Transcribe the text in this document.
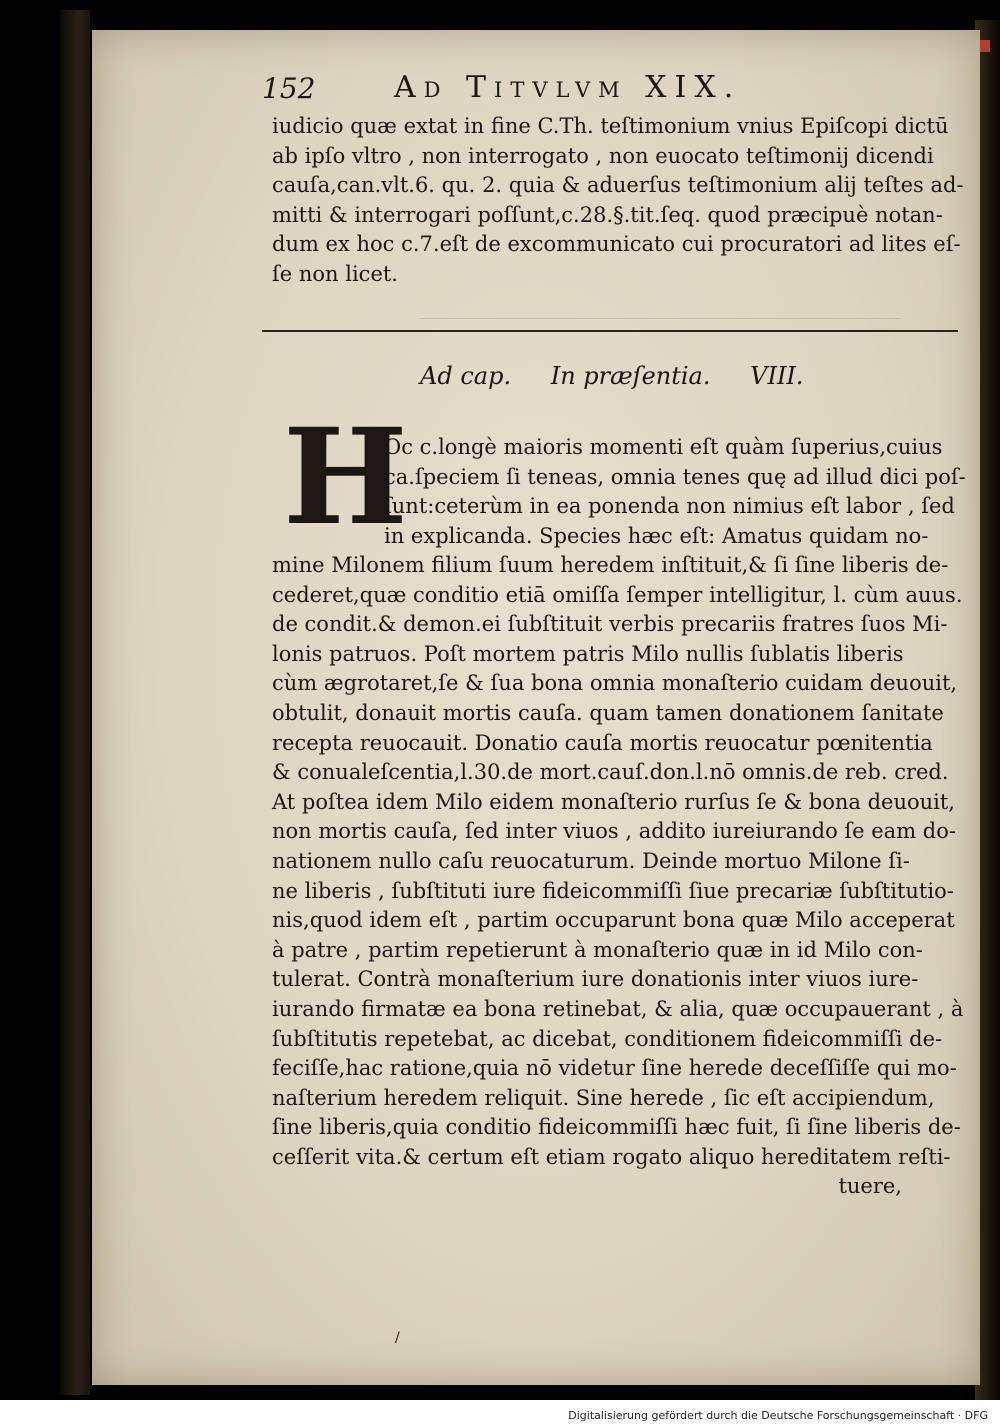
152	Ad Titvlvm XIX.
iudicio quæ extat in fine C.Th. teſtimonium vnius Epiſcopi dictū
ab ipſo vltro , non interrogato , non euocato teſtimonij dicendi
cauſa,can.vlt.6. qu. 2. quia & aduerſus teſtimonium alij teſtes ad-
mitti & interrogari poſſunt,c.28.§.tit.ſeq. quod præcipuè notan-
dum ex hoc c.7.eſt de excommunicato cui procuratori ad lites eſ-
ſe non licet.
Ad cap. In præſentia. VIII.
H
Oc c.longè maioris momenti eſt quàm ſuperius,cuius
ca.ſpeciem ſi teneas, omnia tenes quę ad illud dici poſ-
ſunt:ceterùm in ea ponenda non nimius eſt labor , ſed
in explicanda. Species hæc eſt: Amatus quidam no-
mine Milonem filium ſuum heredem inſtituit,& ſi ſine liberis de-
cederet,quæ conditio etiā omiſſa ſemper intelligitur, l. cùm auus.
de condit.& demon.ei ſubſtituit verbis precariis fratres ſuos Mi-
lonis patruos. Poſt mortem patris Milo nullis ſublatis liberis
cùm ægrotaret,ſe & ſua bona omnia monaſterio cuidam deuouit,
obtulit, donauit mortis cauſa. quam tamen donationem ſanitate
recepta reuocauit. Donatio cauſa mortis reuocatur pœnitentia
& conualeſcentia,l.30.de mort.cauſ.don.l.nō omnis.de reb. cred.
At poſtea idem Milo eidem monaſterio rurſus ſe & bona deuouit,
non mortis cauſa, ſed inter viuos , addito iureiurando ſe eam do-
nationem nullo caſu reuocaturum. Deinde mortuo Milone ſi-
ne liberis , ſubſtituti iure fideicommiſſi ſiue precariæ ſubſtitutio-
nis,quod idem eſt , partim occuparunt bona quæ Milo acceperat
à patre , partim repetierunt à monaſterio quæ in id Milo con-
tulerat. Contrà monaſterium iure donationis inter viuos iure-
iurando firmatæ ea bona retinebat, & alia, quæ occupauerant , à
ſubſtitutis repetebat, ac dicebat, conditionem fideicommiſſi de-
feciſſe,hac ratione,quia nō videtur ſine herede deceſſiſſe qui mo-
naſterium heredem reliquit. Sine herede , ſic eſt accipiendum,
ſine liberis,quia conditio fideicommiſſi hæc fuit, ſi ſine liberis de-
ceſſerit vita.& certum eſt etiam rogato aliquo hereditatem reſti-
tuere,
/
Digitalisierung gefördert durch die Deutsche Forschungsgemeinschaft · DFG
